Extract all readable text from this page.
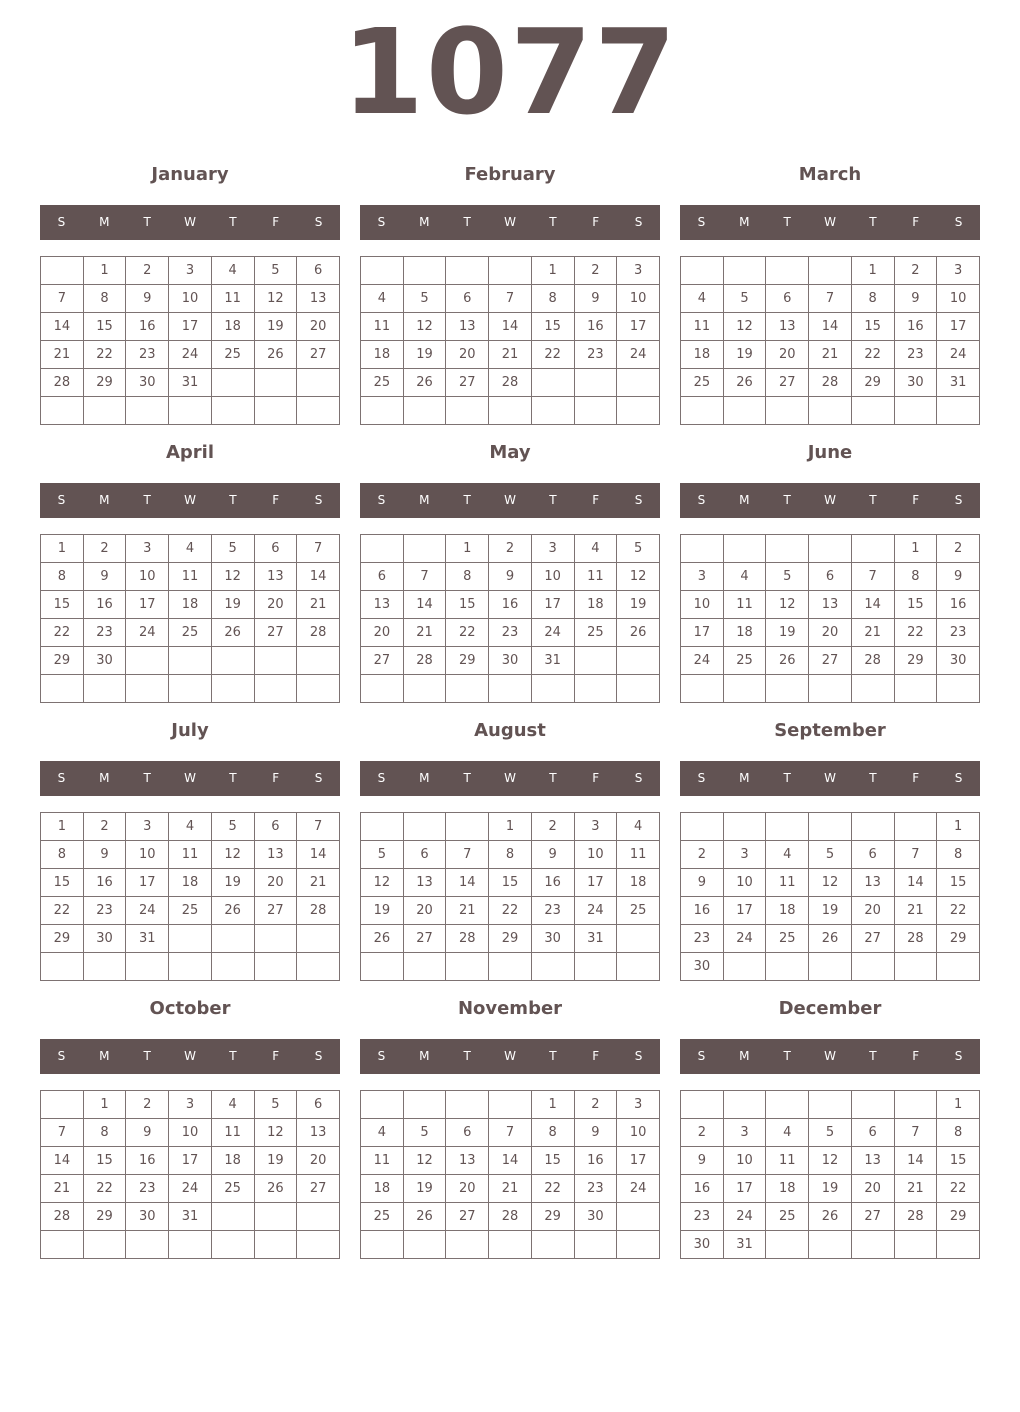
1077
January
S	M	T	W	T	F	S
	1	2	3	4	5	6
7	8	9	10	11	12	13
14	15	16	17	18	19	20
21	22	23	24	25	26	27
28	29	30	31			

February
S	M	T	W	T	F	S
				1	2	3
4	5	6	7	8	9	10
11	12	13	14	15	16	17
18	19	20	21	22	23	24
25	26	27	28			

March
S	M	T	W	T	F	S
				1	2	3
4	5	6	7	8	9	10
11	12	13	14	15	16	17
18	19	20	21	22	23	24
25	26	27	28	29	30	31

April
S	M	T	W	T	F	S
1	2	3	4	5	6	7
8	9	10	11	12	13	14
15	16	17	18	19	20	21
22	23	24	25	26	27	28
29	30					

May
S	M	T	W	T	F	S
		1	2	3	4	5
6	7	8	9	10	11	12
13	14	15	16	17	18	19
20	21	22	23	24	25	26
27	28	29	30	31		

June
S	M	T	W	T	F	S
					1	2
3	4	5	6	7	8	9
10	11	12	13	14	15	16
17	18	19	20	21	22	23
24	25	26	27	28	29	30

July
S	M	T	W	T	F	S
1	2	3	4	5	6	7
8	9	10	11	12	13	14
15	16	17	18	19	20	21
22	23	24	25	26	27	28
29	30	31				

August
S	M	T	W	T	F	S
			1	2	3	4
5	6	7	8	9	10	11
12	13	14	15	16	17	18
19	20	21	22	23	24	25
26	27	28	29	30	31	

September
S	M	T	W	T	F	S
						1
2	3	4	5	6	7	8
9	10	11	12	13	14	15
16	17	18	19	20	21	22
23	24	25	26	27	28	29
30						
October
S	M	T	W	T	F	S
	1	2	3	4	5	6
7	8	9	10	11	12	13
14	15	16	17	18	19	20
21	22	23	24	25	26	27
28	29	30	31			

November
S	M	T	W	T	F	S
				1	2	3
4	5	6	7	8	9	10
11	12	13	14	15	16	17
18	19	20	21	22	23	24
25	26	27	28	29	30	

December
S	M	T	W	T	F	S
						1
2	3	4	5	6	7	8
9	10	11	12	13	14	15
16	17	18	19	20	21	22
23	24	25	26	27	28	29
30	31					
